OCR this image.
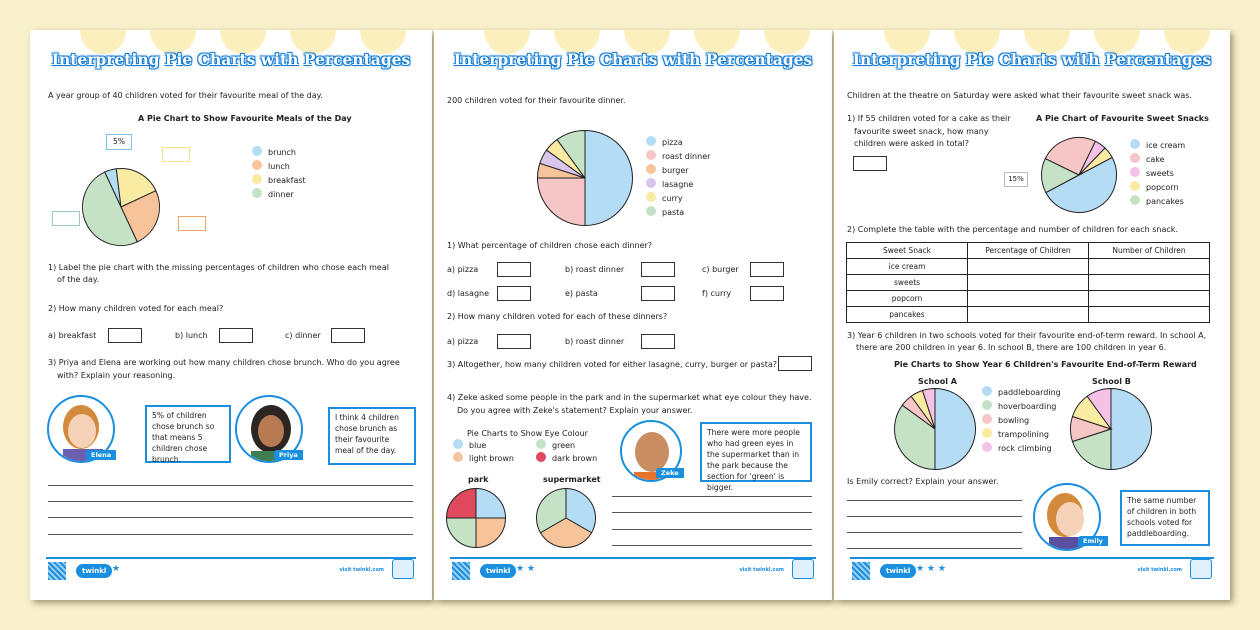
Interpreting Pie Charts with Percentages
A year group of 40 children voted for their favourite meal of the day.
A Pie Chart to Show Favourite Meals of the Day
5%
brunch
lunch
breakfast
dinner
1) Label the pie chart with the missing percentages of children who chose each meal
of the day.
2) How many children voted for each meal?
a) breakfast	b) lunch	c) dinner
3) Priya and Elena are working out how many children chose brunch. Who do you agree
with? Explain your reasoning.
Elena
5% of children chose brunch so that means 5 children chose brunch.	Priya
I think 4 children chose brunch as their favourite meal of the day.
twinkl ★	visit twinkl.com
Interpreting Pie Charts with Percentages
200 children voted for their favourite dinner.
pizza
roast dinner
burger
lasagne
curry
pasta
1) What percentage of children chose each dinner?
a) pizza	b) roast dinner	c) burger
d) lasagne	e) pasta	f) curry
2) How many children voted for each of these dinners?
a) pizza	b) roast dinner
3) Altogether, how many children voted for either lasagne, curry, burger or pasta?
4) Zeke asked some people in the park and in the supermarket what eye colour they have.
Do you agree with Zeke's statement? Explain your answer.
Pie Charts to Show Eye Colour
blue	green
light brown	dark brown
park	supermarket
Zeke
There were more people who had green eyes in the supermarket than in the park because the section for 'green' is bigger.
twinkl ★ ★	visit twinkl.com
Interpreting Pie Charts with Percentages
Children at the theatre on Saturday were asked what their favourite sweet snack was.
1) If 55 children voted for a cake as their
favourite sweet snack, how many
children were asked in total?
A Pie Chart of Favourite Sweet Snacks
15%
ice cream
cake
sweets
popcorn
pancakes
2) Complete the table with the percentage and number of children for each snack.
Sweet Snack	Percentage of Children	Number of Children
ice cream		
sweets		
popcorn		
pancakes		
3) Year 6 children in two schools voted for their favourite end-of-term reward. In school A,
there are 200 children in year 6. In school B, there are 100 children in year 6.
Pie Charts to Show Year 6 Children's Favourite End-of-Term Reward
School A	School B
paddleboarding
hoverboarding
bowling
trampolining
rock climbing
Is Emily correct? Explain your answer.
Emily
The same number of children in both schools voted for paddleboarding.
twinkl ★ ★ ★	visit twinkl.com
